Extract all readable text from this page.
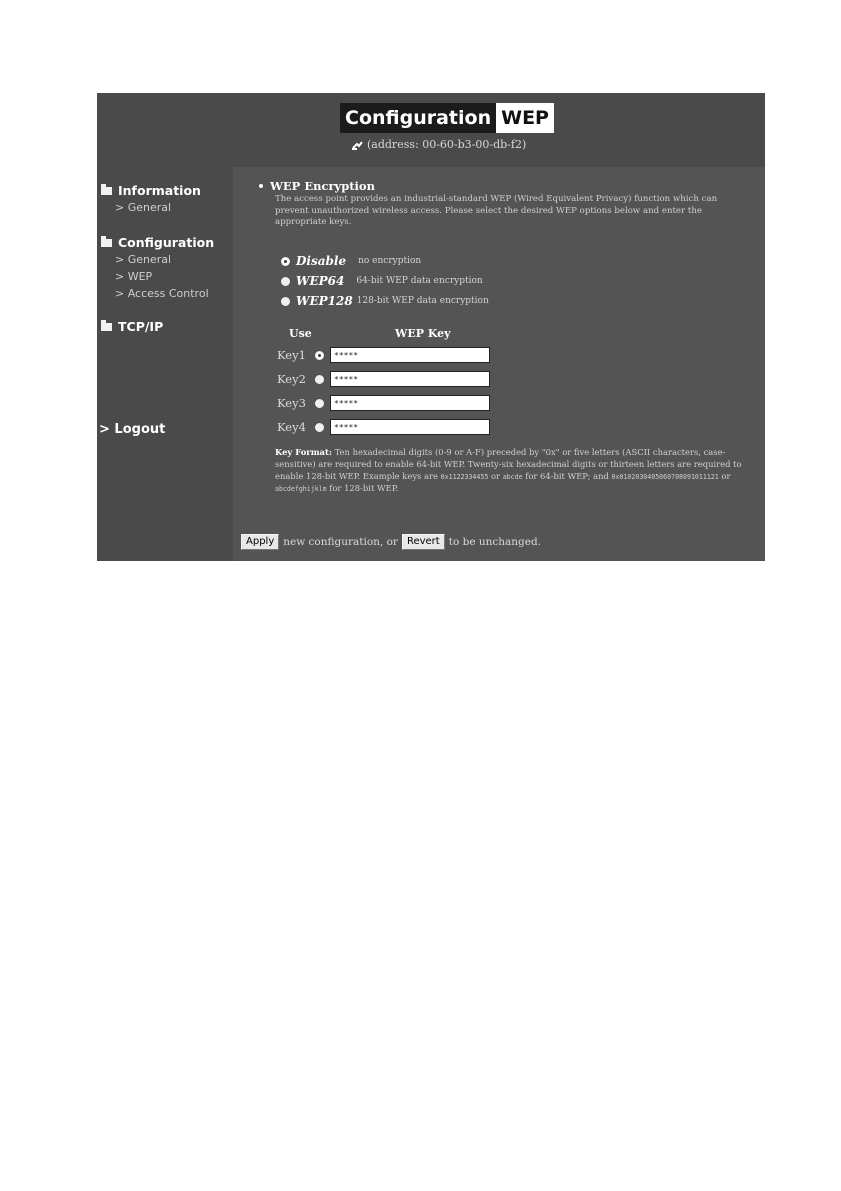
Configuration WEP
(address: 00-60-b3-00-db-f2)
Information
> General
Configuration
> General
> WEP
> Access Control
TCP/IP
> Logout
WEP Encryption
The access point provides an industrial-standard WEP (Wired Equivalent Privacy) function which can prevent unauthorized wireless access. Please select the desired WEP options below and enter the appropriate keys.
Disable no encryption
WEP64 64-bit WEP data encryption
WEP128 128-bit WEP data encryption
Use	WEP Key
Key1
*****
Key2
*****
Key3
*****
Key4
*****
Key Format: Ten hexadecimal digits (0-9 or A-F) preceded by "0x" or five letters (ASCII characters, case-sensitive) are required to enable 64-bit WEP. Twenty-six hexadecimal digits or thirteen letters are required to enable 128-bit WEP. Example keys are 0x1122334455 or abcde for 64-bit WEP; and 0x0102030405060708091011121 or abcdefghijklm for 128-bit WEP.
Apply new configuration, or Revert to be unchanged.
